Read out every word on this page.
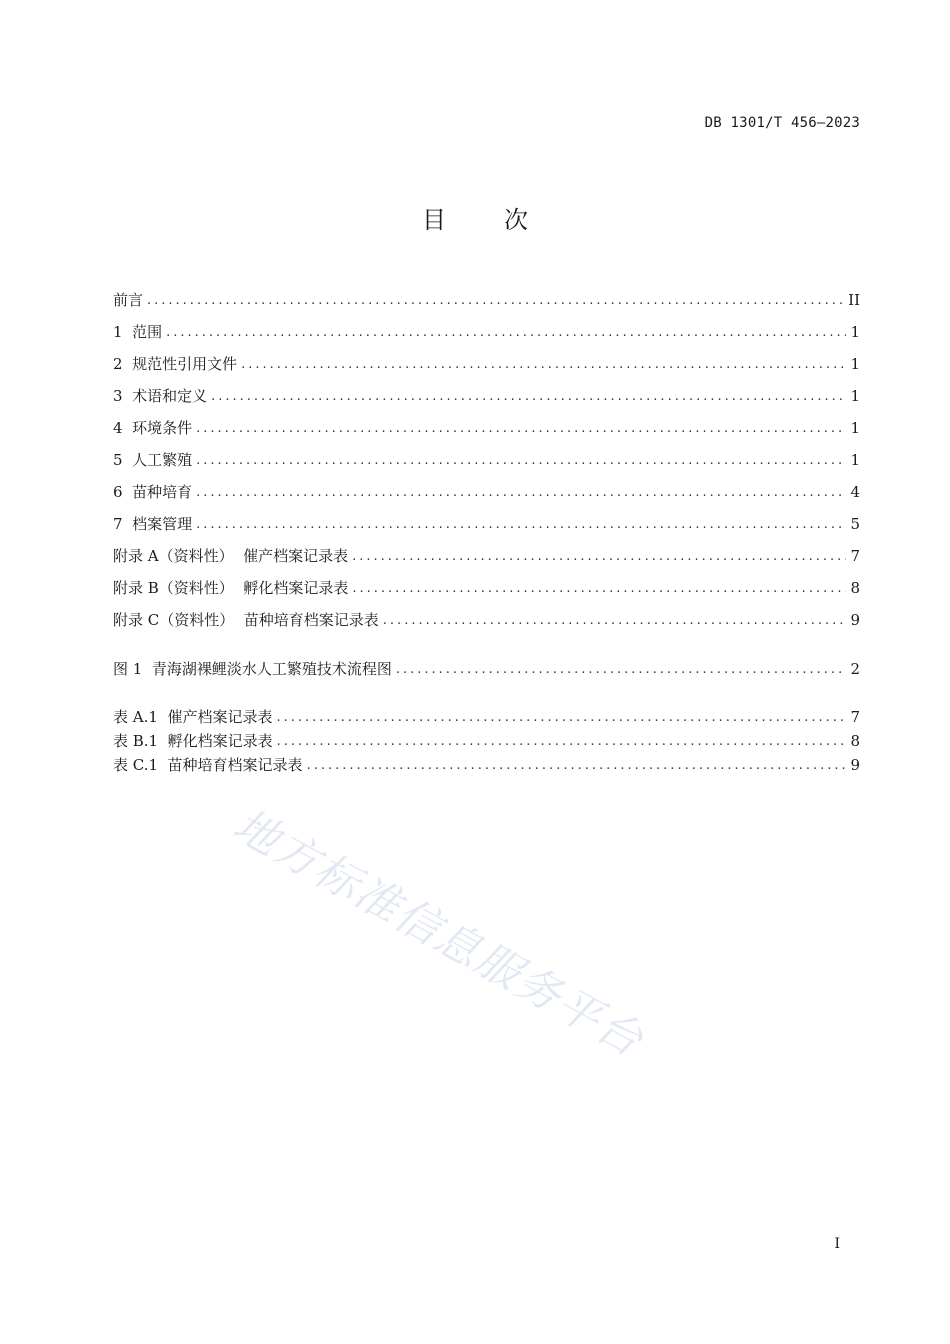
DB 1301/T 456—2023
目次
前言 .....	II
1  范围 .....	1
2  规范性引用文件 .....	1
3  术语和定义 .....	1
4  环境条件 .....	1
5  人工繁殖 .....	1
6  苗种培育 .....	4
7  档案管理 .....	5
附录 A（资料性）  催产档案记录表 .....	7
附录 B（资料性）  孵化档案记录表 .....	8
附录 C（资料性）  苗种培育档案记录表 .....	9
图 1  青海湖裸鲤淡水人工繁殖技术流程图 .....	2
表 A.1  催产档案记录表 .....	7
表 B.1  孵化档案记录表 .....	8
表 C.1  苗种培育档案记录表 .....	9
地方标准信息服务平台
I
